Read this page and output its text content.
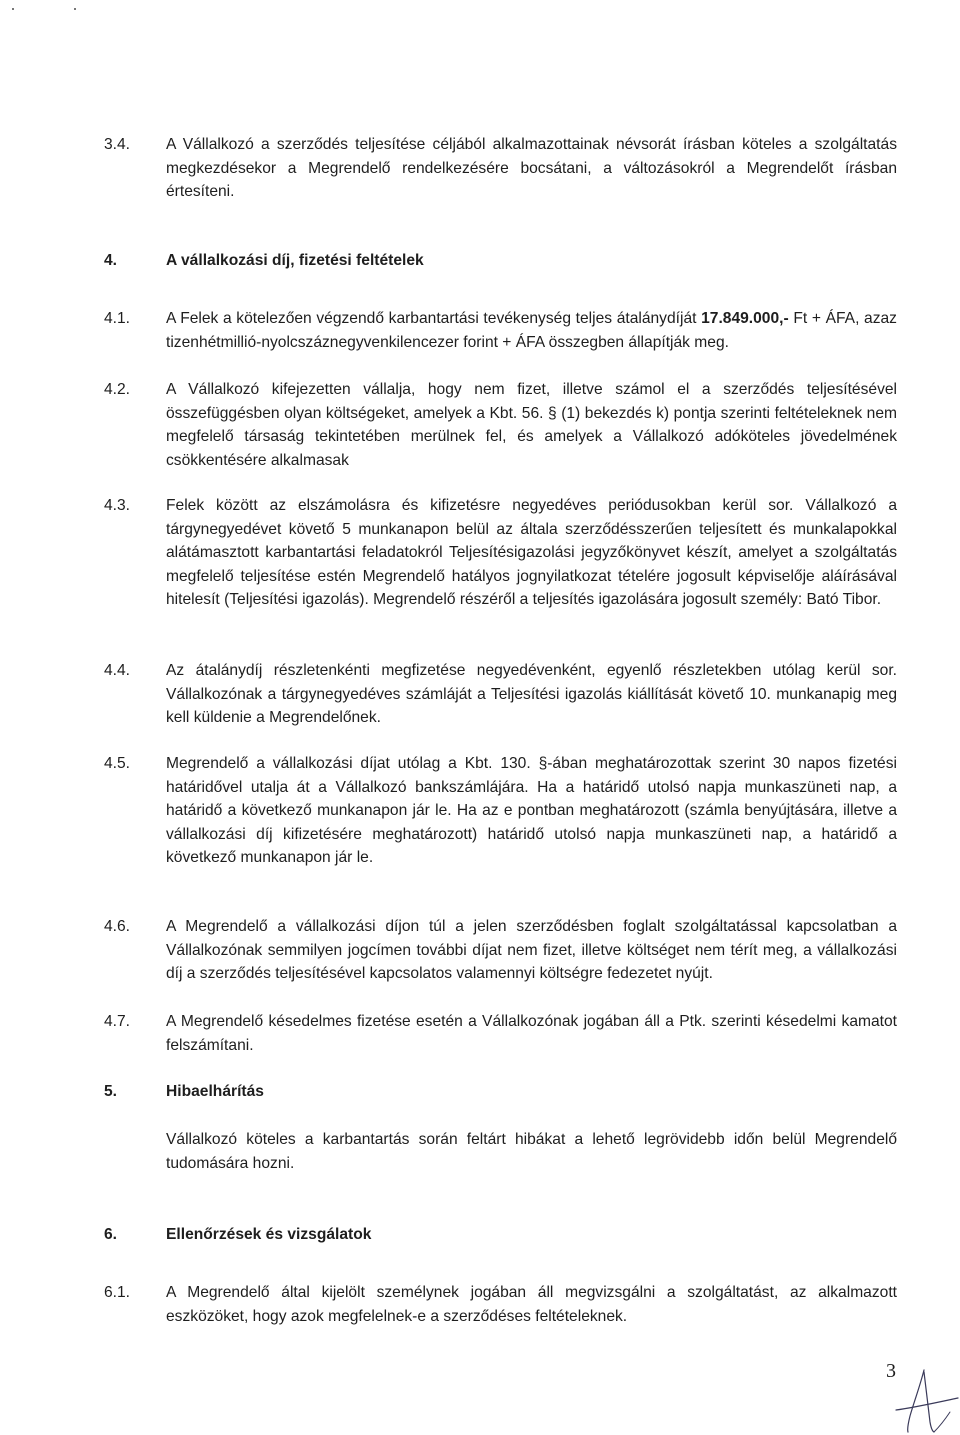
3.4.	A Vállalkozó a szerződés teljesítése céljából alkalmazottainak névsorát írásban köteles a szolgáltatás megkezdésekor a Megrendelő rendelkezésére bocsátani, a változásokról a Megrendelőt írásban értesíteni.
4.	A vállalkozási díj, fizetési feltételek
4.1.	A Felek a kötelezően végzendő karbantartási tevékenység teljes átalánydíját 17.849.000,- Ft + ÁFA, azaz tizenhétmillió-nyolcszáznegyvenkilencezer forint + ÁFA összegben állapítják meg.
4.2.	A Vállalkozó kifejezetten vállalja, hogy nem fizet, illetve számol el a szerződés teljesítésével összefüggésben olyan költségeket, amelyek a Kbt. 56. § (1) bekezdés k) pontja szerinti feltételeknek nem megfelelő társaság tekintetében merülnek fel, és amelyek a Vállalkozó adóköteles jövedelmének csökkentésére alkalmasak
4.3.	Felek között az elszámolásra és kifizetésre negyedéves periódusokban kerül sor. Vállalkozó a tárgynegyedévet követő 5 munkanapon belül az általa szerződésszerűen teljesített és munkalapokkal alátámasztott karbantartási feladatokról Teljesítésigazolási jegyzőkönyvet készít, amelyet a szolgáltatás megfelelő teljesítése estén Megrendelő hatályos jognyilatkozat tételére jogosult képviselője aláírásával hitelesít (Teljesítési igazolás). Megrendelő részéről a teljesítés igazolására jogosult személy: Bató Tibor.
4.4.	Az átalánydíj részletenkénti megfizetése negyedévenként, egyenlő részletekben utólag kerül sor. Vállalkozónak a tárgynegyedéves számláját a Teljesítési igazolás kiállítását követő 10. munkanapig meg kell küldenie a Megrendelőnek.
4.5.	Megrendelő a vállalkozási díjat utólag a Kbt. 130. §-ában meghatározottak szerint 30 napos fizetési határidővel utalja át a Vállalkozó bankszámlájára. Ha a határidő utolsó napja munkaszüneti nap, a határidő a következő munkanapon jár le. Ha az e pontban meghatározott (számla benyújtására, illetve a vállalkozási díj kifizetésére meghatározott) határidő utolsó napja munkaszüneti nap, a határidő a következő munkanapon jár le.
4.6.	A Megrendelő a vállalkozási díjon túl a jelen szerződésben foglalt szolgáltatással kapcsolatban a Vállalkozónak semmilyen jogcímen további díjat nem fizet, illetve költséget nem térít meg, a vállalkozási díj a szerződés teljesítésével kapcsolatos valamennyi költségre fedezetet nyújt.
4.7.	A Megrendelő késedelmes fizetése esetén a Vállalkozónak jogában áll a Ptk. szerinti késedelmi kamatot felszámítani.
5.	Hibaelhárítás
Vállalkozó köteles a karbantartás során feltárt hibákat a lehető legrövidebb időn belül Megrendelő tudomására hozni.
6.	Ellenőrzések és vizsgálatok
6.1.	A Megrendelő által kijelölt személynek jogában áll megvizsgálni a szolgáltatást, az alkalmazott eszközöket, hogy azok megfelelnek-e a szerződéses feltételeknek.
3
